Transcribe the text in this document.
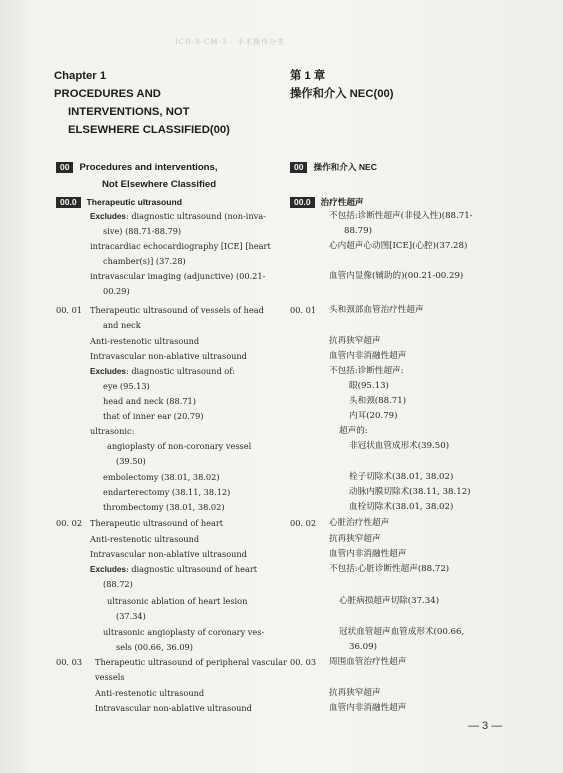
ICD-9-CM-3 · 手术操作分类
Chapter 1
PROCEDURES AND
INTERVENTIONS, NOT
ELSEWHERE CLASSIFIED(00)
00 Procedures and interventions,
Not Elsewhere Classified
00.0 Therapeutic ultrasound
Excludes: diagnostic ultrasound (non-inva-
sive) (88.71-88.79)
intracardiac echocardiography [ICE] [heart
chamber(s)] (37.28)
intravascular imaging (adjunctive) (00.21-
00.29)
00. 01 Therapeutic ultrasound of vessels of head
and neck
Anti-restenotic ultrasound
Intravascular non-ablative ultrasound
Excludes: diagnostic ultrasound of:
eye (95.13)
head and neck (88.71)
that of inner ear (20.79)
ultrasonic:
angioplasty of non-coronary vessel
(39.50)
embolectomy (38.01, 38.02)
endarterectomy (38.11, 38.12)
thrombectomy (38.01, 38.02)
00. 02 Therapeutic ultrasound of heart
Anti-restenotic ultrasound
Intravascular non-ablative ultrasound
Excludes: diagnostic ultrasound of heart
(88.72)
ultrasonic ablation of heart lesion
(37.34)
ultrasonic angioplasty of coronary ves-
sels (00.66, 36.09)
00. 03 Therapeutic ultrasound of peripheral vascular
vessels
Anti-restenotic ultrasound
Intravascular non-ablative ultrasound
第 1 章
操作和介入 NEC(00)
00 操作和介入 NEC
00.0 治疗性超声
不包括:诊断性超声(非侵入性)(88.71-
88.79)
心内超声心动图[ICE](心腔)(37.28)
血管内显像(辅助的)(00.21-00.29)
00. 01 头和颈部血管治疗性超声
抗再狭窄超声
血管内非消融性超声
不包括:诊断性超声:
眼(95.13)
头和颈(88.71)
内耳(20.79)
超声的:
非冠状血管成形术(39.50)
栓子切除术(38.01, 38.02)
动脉内膜切除术(38.11, 38.12)
血栓切除术(38.01, 38.02)
00. 02 心脏治疗性超声
抗再狭窄超声
血管内非消融性超声
不包括:心脏诊断性超声(88.72)
心脏病损超声切除(37.34)
冠状血管超声血管成形术(00.66,
36.09)
00. 03 周围血管治疗性超声
抗再狭窄超声
血管内非消融性超声
— 3 —
